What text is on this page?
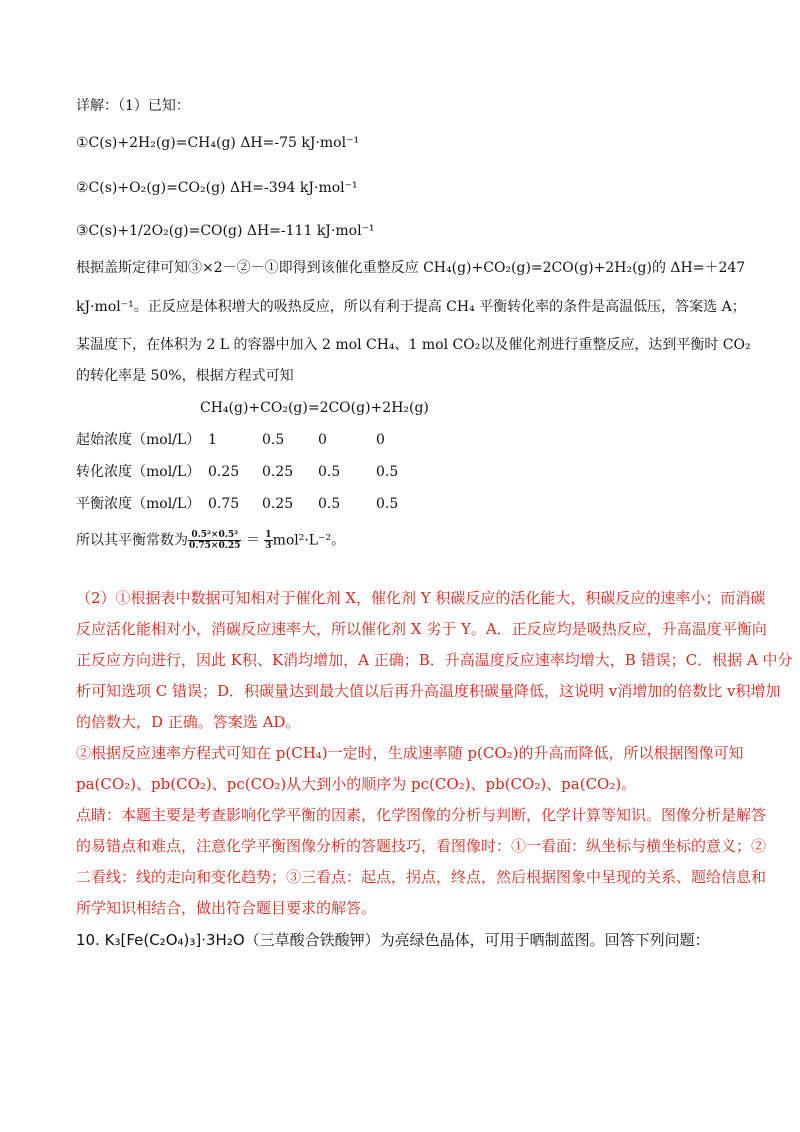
详解：（1）已知：
①C(s)+2H₂(g)=CH₄(g) ΔH=-75 kJ·mol⁻¹
②C(s)+O₂(g)=CO₂(g) ΔH=-394 kJ·mol⁻¹
③C(s)+1/2O₂(g)=CO(g) ΔH=-111 kJ·mol⁻¹
根据盖斯定律可知③×2－②－①即得到该催化重整反应 CH₄(g)+CO₂(g)=2CO(g)+2H₂(g)的 ΔH=＋247
kJ·mol⁻¹。正反应是体积增大的吸热反应，所以有利于提高 CH₄ 平衡转化率的条件是高温低压，答案选 A；
某温度下，在体积为 2 L 的容器中加入 2 mol CH₄、1 mol CO₂以及催化剂进行重整反应，达到平衡时 CO₂
的转化率是 50%，根据方程式可知
CH₄(g)+CO₂(g)=2CO(g)+2H₂(g)
起始浓度（mol/L） 1	0.5 0	0
转化浓度（mol/L） 0.25 0.25 0.5	0.5
平衡浓度（mol/L） 0.75 0.25 0.5	0.5
所以其平衡常数为 $\frac{\text{0.5²×0.5²}}{0.75\times 0.25} = \frac{1}{3} mol^2\cdot L^{-2}$。
（2）①根据表中数据可知相对于催化剂 X，催化剂 Y 积碳反应的活化能大，积碳反应的速率小；而消碳
反应活化能相对小，消碳反应速率大，所以催化剂 X 劣于 Y。A．正反应均是吸热反应，升高温度平衡向
正反应方向进行，因此 K积、K消均增加，A 正确；B．升高温度反应速率均增大，B 错误；C．根据 A 中分
析可知选项 C 错误；D．积碳量达到最大值以后再升高温度积碳量降低，这说明 v消增加的倍数比 v积增加
的倍数大，D 正确。答案选 AD。
②根据反应速率方程式可知在 p(CH₄)一定时，生成速率随 p(CO₂)的升高而降低，所以根据图像可知
pa(CO₂)、pb(CO₂)、pc(CO₂)从大到小的顺序为 pc(CO₂)、pb(CO₂)、pa(CO₂)。
点睛：本题主要是考查影响化学平衡的因素，化学图像的分析与判断，化学计算等知识。图像分析是解答
的易错点和难点，注意化学平衡图像分析的答题技巧，看图像时：①一看面：纵坐标与横坐标的意义；②
二看线：线的走向和变化趋势；③三看点：起点，拐点，终点，然后根据图象中呈现的关系、题给信息和
所学知识相结合，做出符合题目要求的解答。
10. K₃[Fe(C₂O₄)₃]·3H₂O（三草酸合铁酸钾）为亮绿色晶体，可用于晒制蓝图。回答下列问题：
